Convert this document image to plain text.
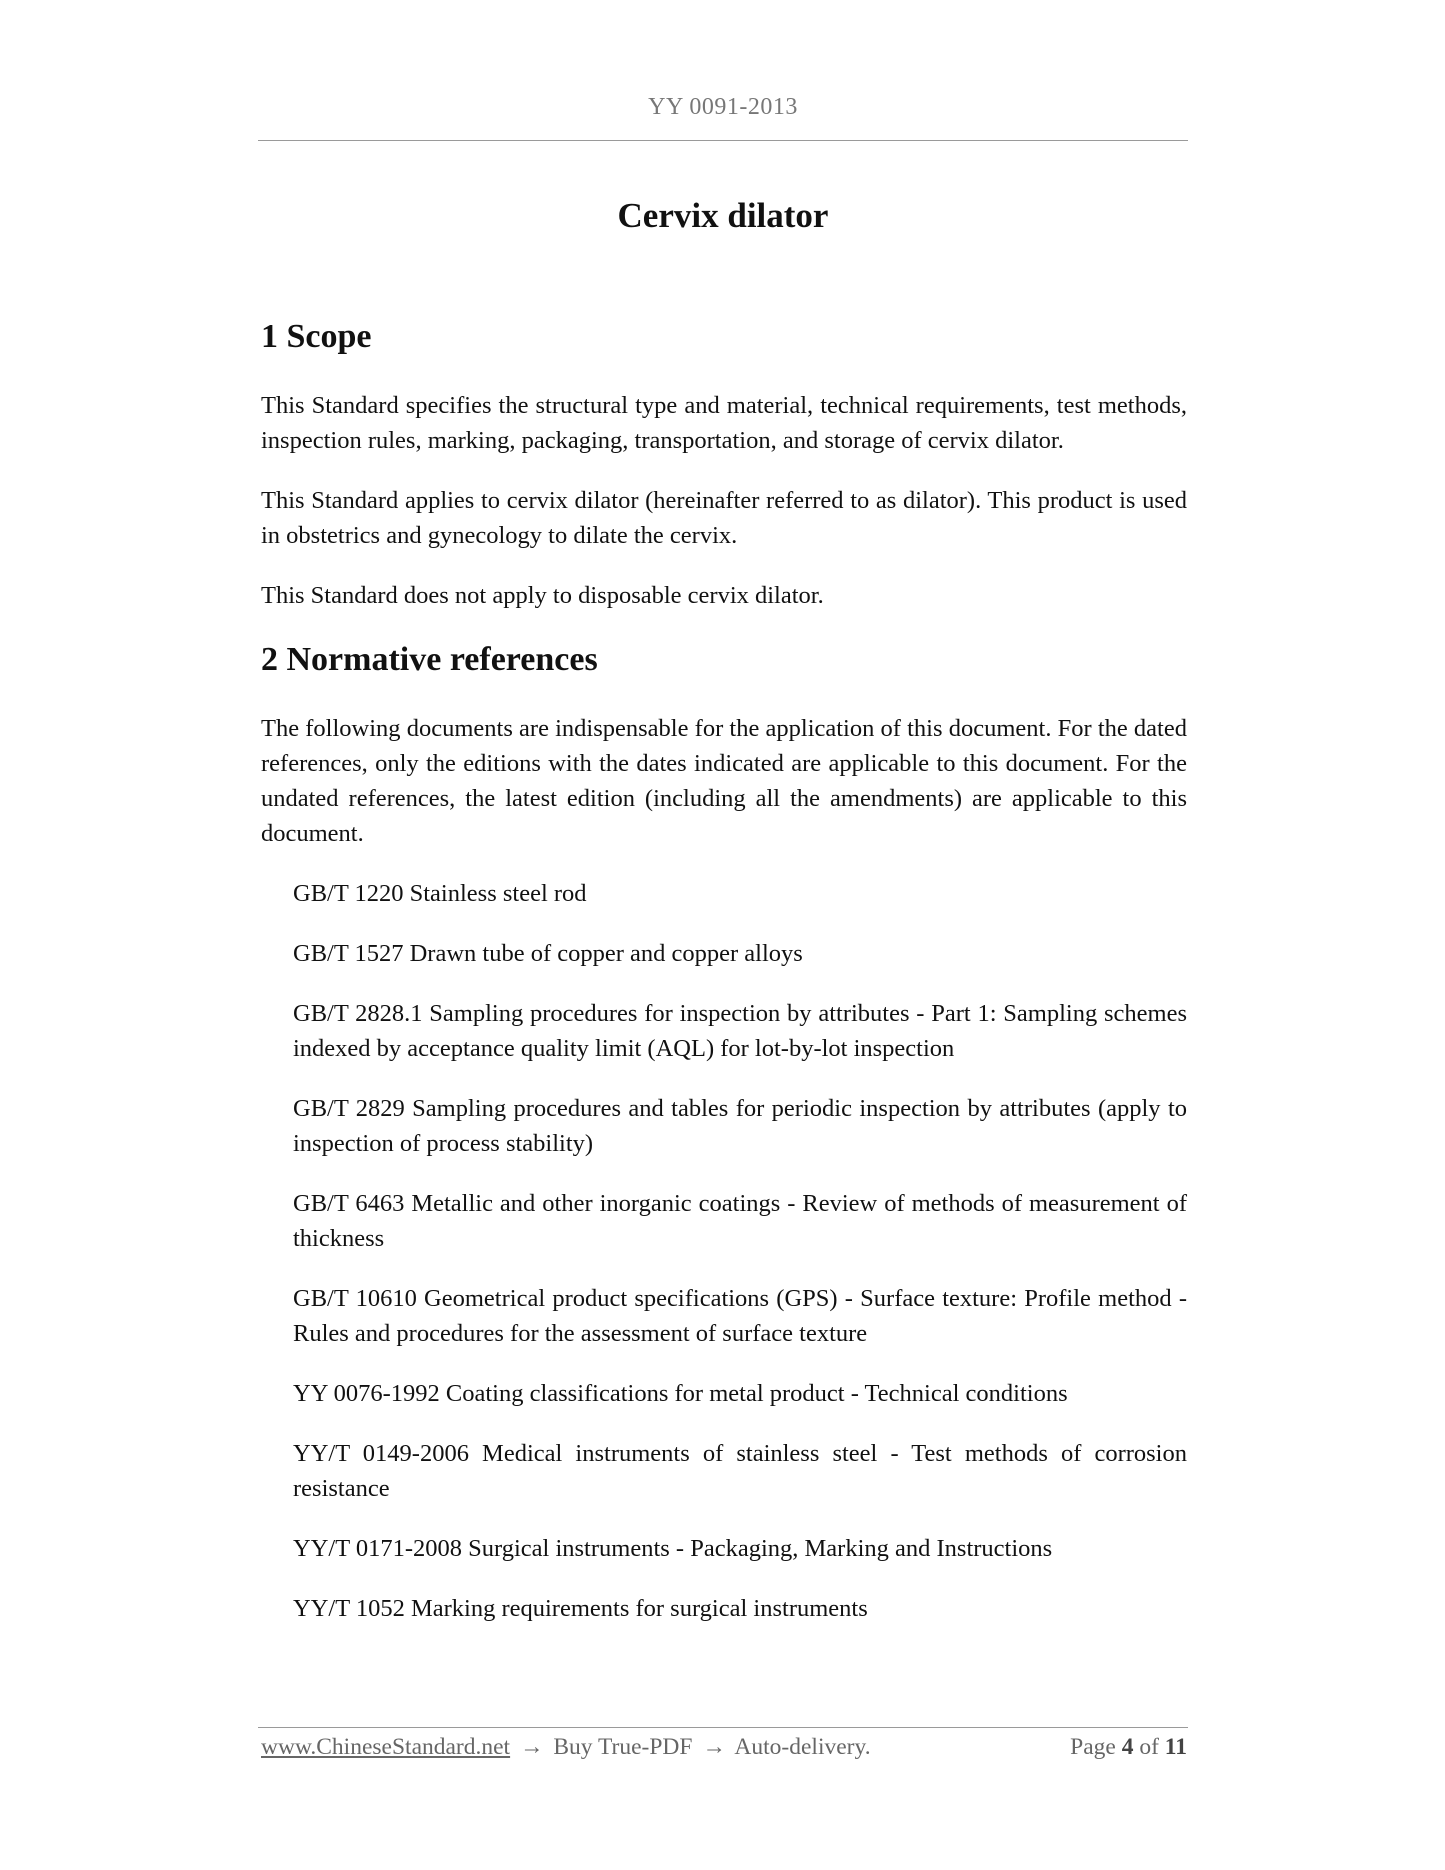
YY 0091-2013
Cervix dilator
1 Scope

This Standard specifies the structural type and material, technical requirements, test methods, inspection rules, marking, packaging, transportation, and storage of cervix dilator.

This Standard applies to cervix dilator (hereinafter referred to as dilator). This product is used in obstetrics and gynecology to dilate the cervix.

This Standard does not apply to disposable cervix dilator.

2 Normative references

The following documents are indispensable for the application of this document. For the dated references, only the editions with the dates indicated are applicable to this document. For the undated references, the latest edition (including all the amendments) are applicable to this document.

GB/T 1220 Stainless steel rod
GB/T 1527 Drawn tube of copper and copper alloys
GB/T 2828.1 Sampling procedures for inspection by attributes - Part 1: Sampling schemes indexed by acceptance quality limit (AQL) for lot-by-lot inspection
GB/T 2829 Sampling procedures and tables for periodic inspection by attributes (apply to inspection of process stability)
GB/T 6463 Metallic and other inorganic coatings - Review of methods of measurement of thickness
GB/T 10610 Geometrical product specifications (GPS) - Surface texture: Profile method - Rules and procedures for the assessment of surface texture
YY 0076-1992 Coating classifications for metal product - Technical conditions
YY/T 0149-2006 Medical instruments of stainless steel - Test methods of corrosion resistance
YY/T 0171-2008 Surgical instruments - Packaging, Marking and Instructions
YY/T 1052 Marking requirements for surgical instruments
www.ChineseStandard.net → Buy True-PDF → Auto-delivery.	Page 4 of 11
